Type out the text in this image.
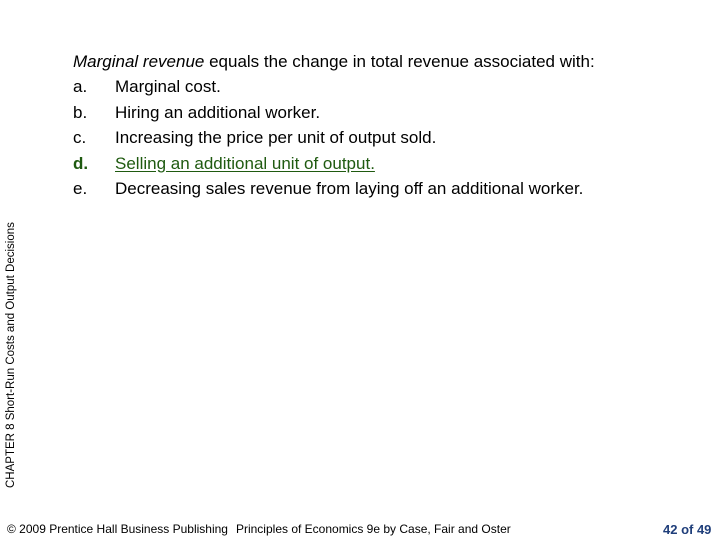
CHAPTER 8 Short-Run Costs and Output Decisions
Marginal revenue equals the change in total revenue associated with:
a.	Marginal cost.
b.	Hiring an additional worker.
c.	Increasing the price per unit of output sold.
d.	Selling an additional unit of output.
e.	Decreasing sales revenue from laying off an additional worker.
© 2009 Prentice Hall Business Publishing Principles of Economics 9e by Case, Fair and Oster	42 of 49
